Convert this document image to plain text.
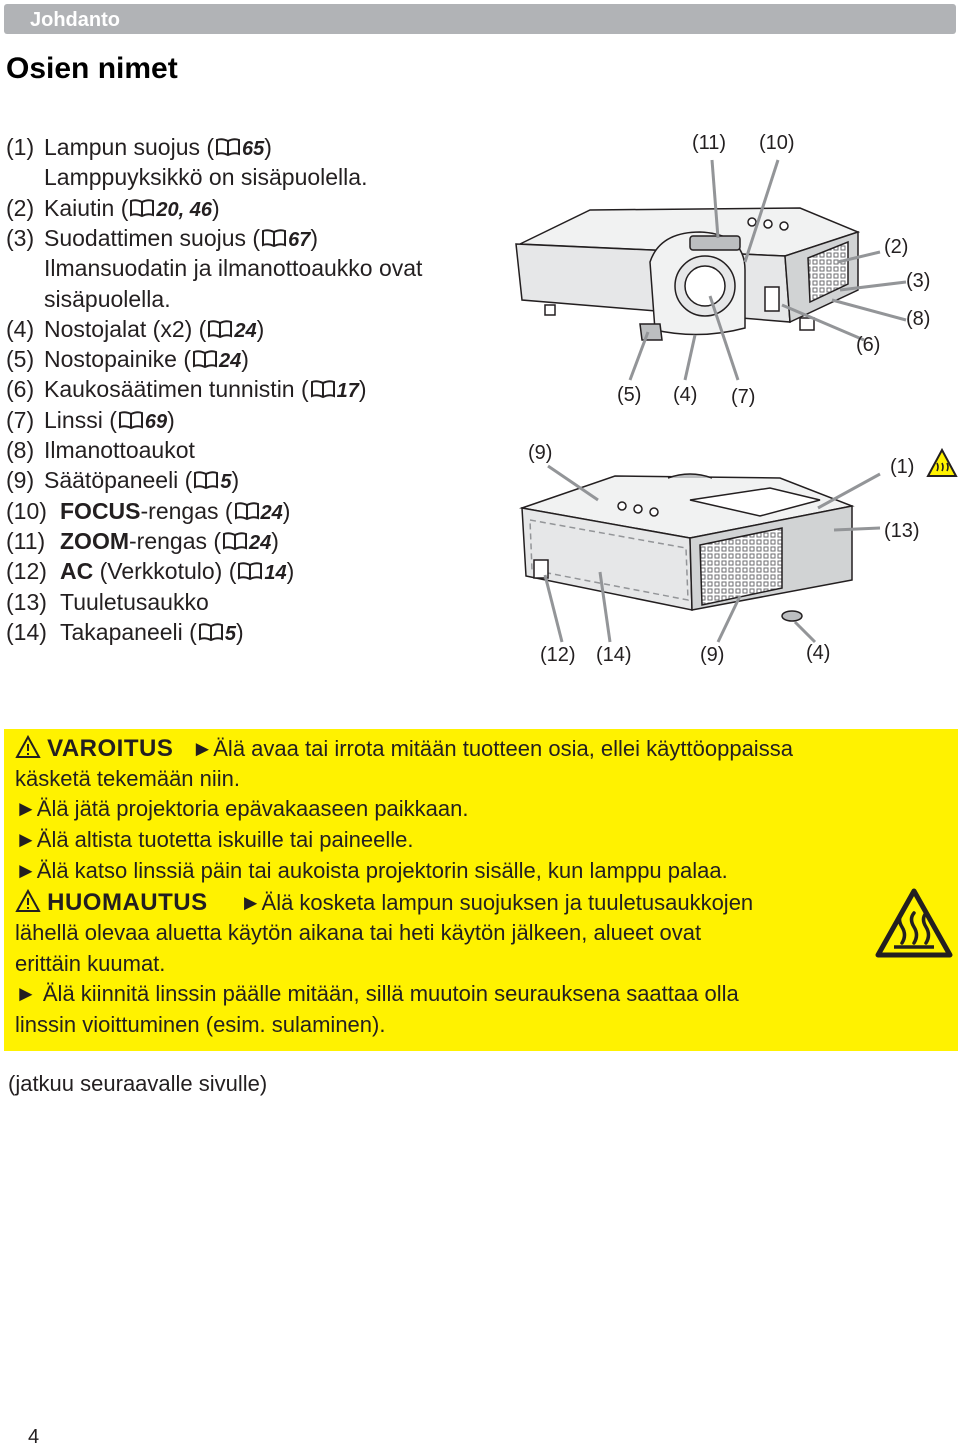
Johdanto
Osien nimet
(1) Lampun suojus ( 65)
Lamppuyksikkö on sisäpuolella.
(2) Kaiutin ( 20, 46)
(3) Suodattimen suojus ( 67)
Ilmansuodatin ja ilmanottoaukko ovat
sisäpuolella.
(4) Nostojalat (x2) ( 24)
(5) Nostopainike ( 24)
(6) Kaukosäätimen tunnistin ( 17)
(7) Linssi ( 69)
(8) Ilmanottoaukot
(9) Säätöpaneeli ( 5)
(10) FOCUS-rengas ( 24)
(11) ZOOM-rengas ( 24)
(12) AC (Verkkotulo) ( 14)
(13) Tuuletusaukko
(14) Takapaneeli ( 5)
(11) (10)
(2)
(3)
(8)
(6)
(5) (4) (7)
(9)
(1)
(13)
(12) (14)	(9)	(4)
VAROITUS ►Älä avaa tai irrota mitään tuotteen osia, ellei käyttöoppaissa
käsketä tekemään niin.
►Älä jätä projektoria epävakaaseen paikkaan.
►Älä altista tuotetta iskuille tai paineelle.
►Älä katso linssiä päin tai aukoista projektorin sisälle, kun lamppu palaa.
HUOMAUTUS ►Älä kosketa lampun suojuksen ja tuuletusaukkojen
lähellä olevaa aluetta käytön aikana tai heti käytön jälkeen, alueet ovat
erittäin kuumat.
► Älä kiinnitä linssin päälle mitään, sillä muutoin seurauksena saattaa olla
linssin vioittuminen (esim. sulaminen).
(jatkuu seuraavalle sivulle)
4
